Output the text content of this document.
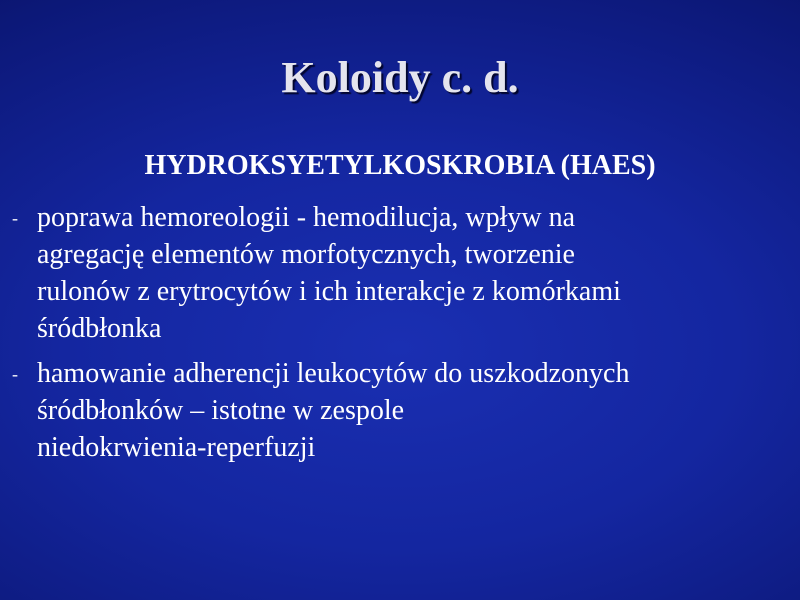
Koloidy c. d.
HYDROKSYETYLKOSKROBIA (HAES)
- poprawa hemoreologii - hemodilucja, wpływ na
agregację elementów morfotycznych, tworzenie
rulonów z erytrocytów i ich interakcje z komórkami
śródbłonka
- hamowanie adherencji leukocytów do uszkodzonych
śródbłonków – istotne w zespole
niedokrwienia-reperfuzji
